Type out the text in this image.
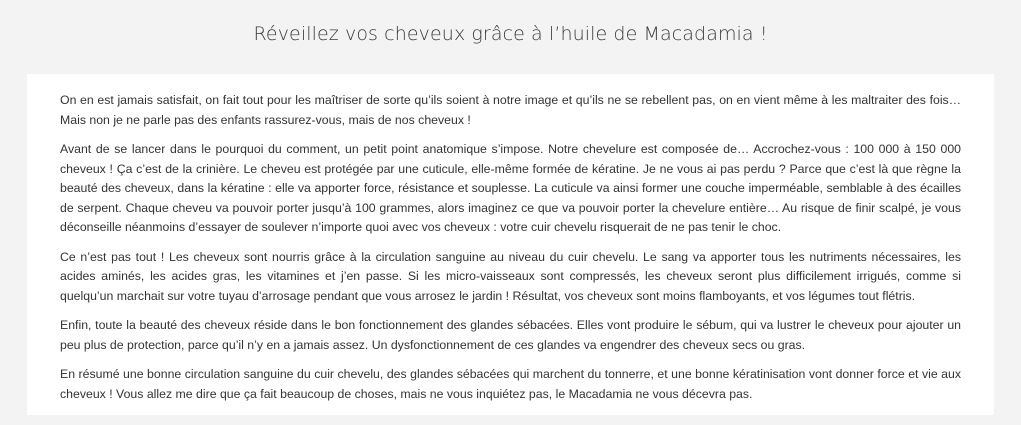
Réveillez vos cheveux grâce à l’huile de Macadamia !

On en est jamais satisfait, on fait tout pour les maîtriser de sorte qu’ils soient à notre image et qu’ils ne se rebellent pas, on en vient même à les maltraiter des fois… Mais non je ne parle pas des enfants rassurez-vous, mais de nos cheveux !

Avant de se lancer dans le pourquoi du comment, un petit point anatomique s’impose. Notre chevelure est composée de… Accrochez-vous : 100 000 à 150 000 cheveux ! Ça c’est de la crinière. Le cheveu est protégée par une cuticule, elle-même formée de kératine. Je ne vous ai pas perdu ? Parce que c’est là que règne la beauté des cheveux, dans la kératine : elle va apporter force, résistance et souplesse. La cuticule va ainsi former une couche imperméable, semblable à des écailles de serpent. Chaque cheveu va pouvoir porter jusqu’à 100 grammes, alors imaginez ce que va pouvoir porter la chevelure entière… Au risque de finir scalpé, je vous déconseille néanmoins d’essayer de soulever n’importe quoi avec vos cheveux : votre cuir chevelu risquerait de ne pas tenir le choc.

Ce n’est pas tout ! Les cheveux sont nourris grâce à la circulation sanguine au niveau du cuir chevelu. Le sang va apporter tous les nutriments nécessaires, les acides aminés, les acides gras, les vitamines et j’en passe. Si les micro-vaisseaux sont compressés, les cheveux seront plus difficilement irrigués, comme si quelqu’un marchait sur votre tuyau d’arrosage pendant que vous arrosez le jardin ! Résultat, vos cheveux sont moins flamboyants, et vos légumes tout flétris.

Enfin, toute la beauté des cheveux réside dans le bon fonctionnement des glandes sébacées. Elles vont produire le sébum, qui va lustrer le cheveux pour ajouter un peu plus de protection, parce qu’il n’y en a jamais assez. Un dysfonctionnement de ces glandes va engendrer des cheveux secs ou gras.

En résumé une bonne circulation sanguine du cuir chevelu, des glandes sébacées qui marchent du tonnerre, et une bonne kératinisation vont donner force et vie aux cheveux ! Vous allez me dire que ça fait beaucoup de choses, mais ne vous inquiétez pas, le Macadamia ne vous décevra pas.
